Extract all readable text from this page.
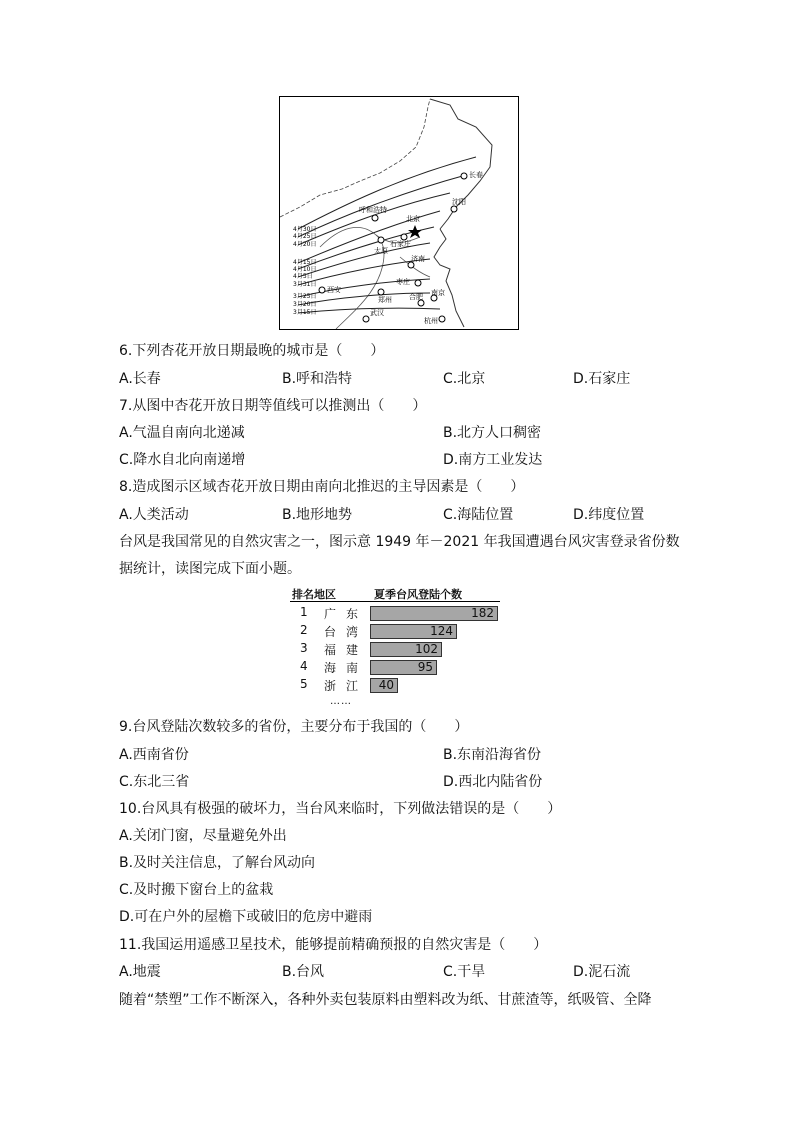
长春
呼和浩特
沈阳
北京
太原
石家庄
济南
西安
枣庄
郑州
南京
合肥
武汉
杭州
4月30日
4月25日
4月20日
4月15日
4月10日
4月5日
3月31日
3月25日
3月20日
3月15日
6.下列杏花开放日期最晚的城市是（　　）
A.长春	B.呼和浩特	C.北京	D.石家庄
7.从图中杏花开放日期等值线可以推测出（　　）
A.气温自南向北递减	B.北方人口稠密
C.降水自北向南递增	D.南方工业发达
8.造成图示区域杏花开放日期由南向北推迟的主导因素是（　　）
A.人类活动	B.地形地势	C.海陆位置	D.纬度位置
台风是我国常见的自然灾害之一，图示意 1949 年－2021 年我国遭遇台风灾害登录省份数
据统计，读图完成下面小题。
排名地区	夏季台风登陆个数
……
1 广东	182
2 台湾	124
3 福建	102
4 海南	95
5 浙江 40
9.台风登陆次数较多的省份，主要分布于我国的（　　）
A.西南省份	B.东南沿海省份
C.东北三省	D.西北内陆省份
10.台风具有极强的破坏力，当台风来临时，下列做法错误的是（　　）
A.关闭门窗，尽量避免外出
B.及时关注信息，了解台风动向
C.及时搬下窗台上的盆栽
D.可在户外的屋檐下或破旧的危房中避雨
11.我国运用遥感卫星技术，能够提前精确预报的自然灾害是（　　）
A.地震	B.台风	C.干旱	D.泥石流
随着“禁塑”工作不断深入，各种外卖包装原料由塑料改为纸、甘蔗渣等，纸吸管、全降
